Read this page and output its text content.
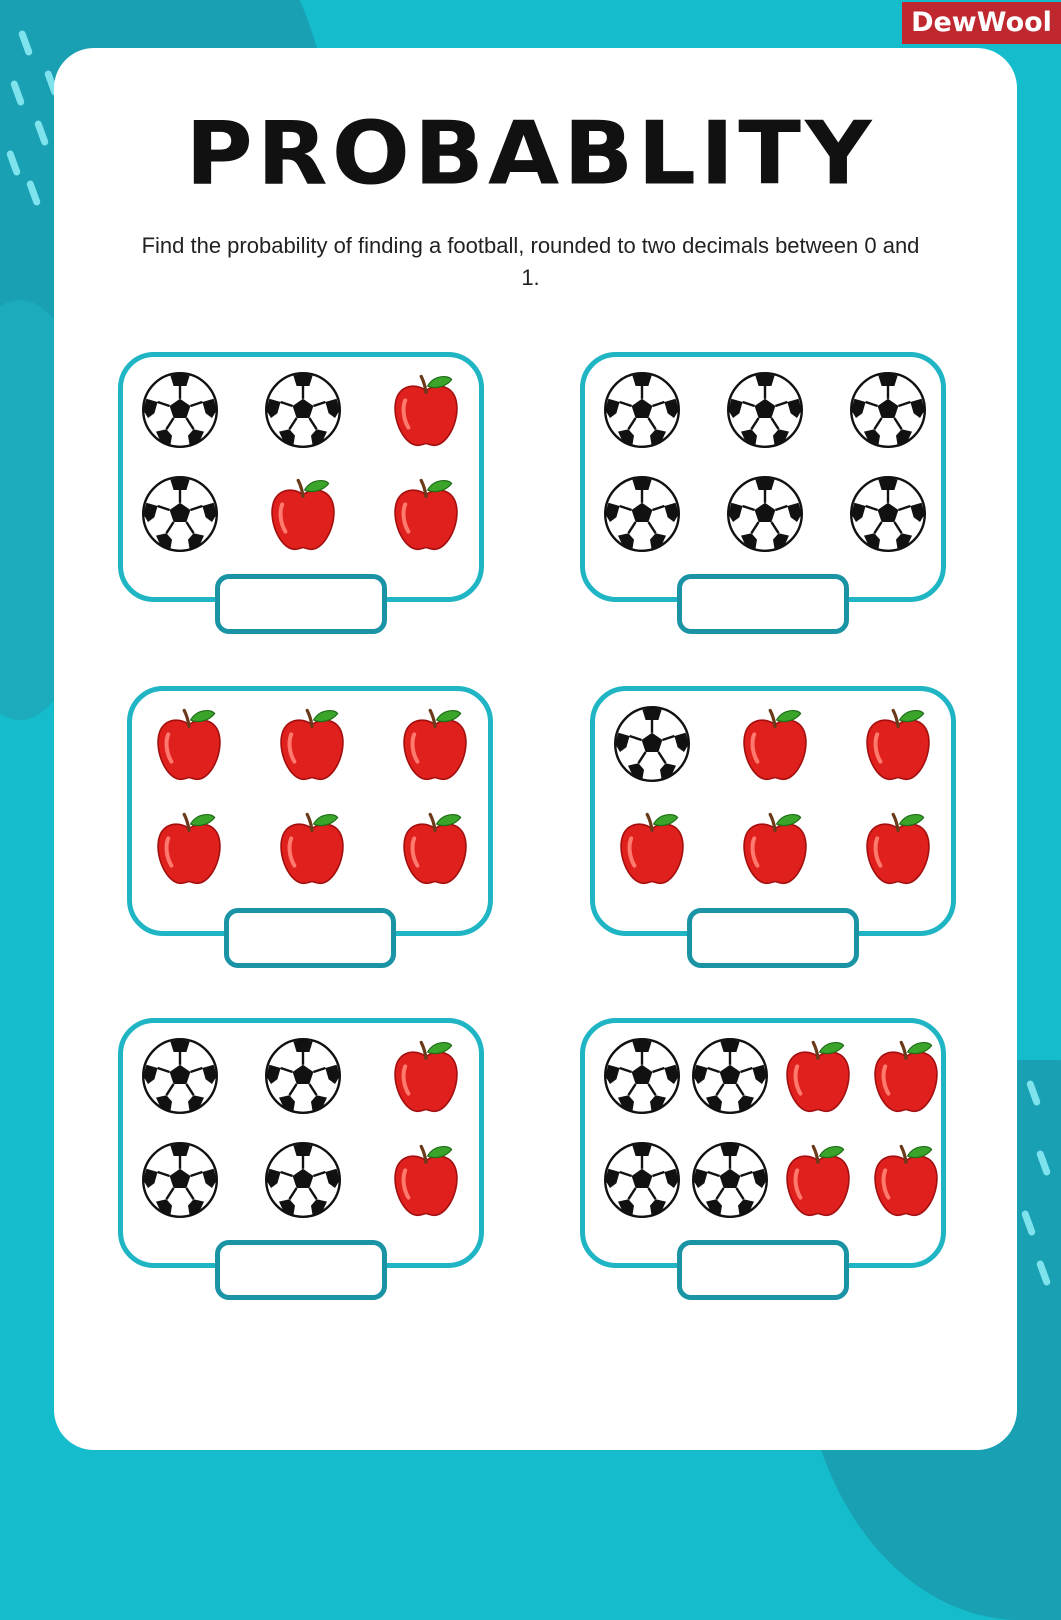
DewWool
PROBABLITY
Find the probability of finding a football, rounded to two decimals between 0 and 1.
